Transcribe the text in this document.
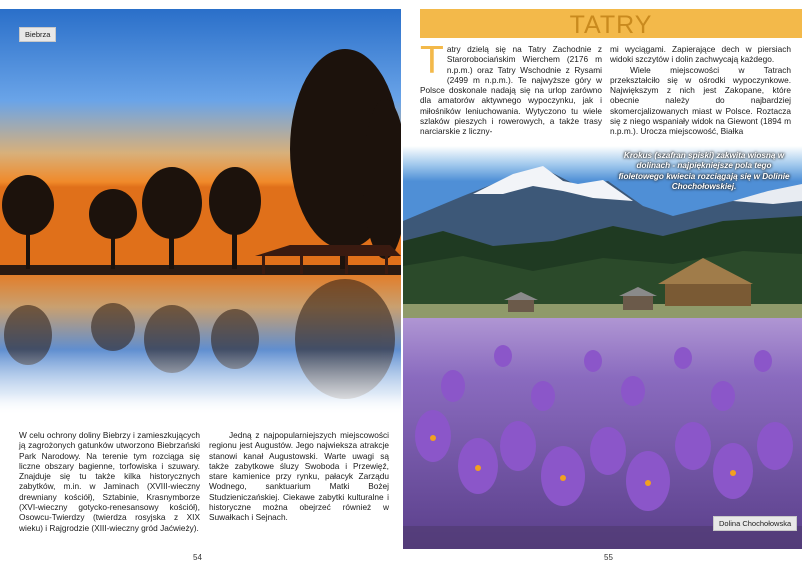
Biebrza
W celu ochrony doliny Biebrzy i zamieszkujących ją zagrożonych gatunków utworzono Biebrzański Park Narodowy. Na terenie tym rozciąga się liczne obszary bagienne, torfowiska i szuwary. Znajduje się tu także kilka historycznych zabytków, m.in. w Jaminach (XVIII-wieczny drewniany kościół), Sztabinie, Krasnymborze (XVI-wieczny gotycko-renesansowy kościół), Osowcu-Twierdzy (twierdza rosyjska z XIX wieku) i Rajgrodzie (XIII-wieczny gród Jaćwieży).
Jedną z najpopularniejszych miejscowości regionu jest Augustów. Jego najwieksza atrakcje stanowi kanał Augustowski. Warte uwagi są także zabytkowe śluzy Swoboda i Przewięź, stare kamienice przy rynku, pałacyk Zarządu Wodnego, sanktuarium Matki Bożej Studzieniczańskiej. Ciekawe zabytki kulturalne i historyczne można obejrzeć również w Suwałkach i Sejnach.
54
TATRY
Tatry dzielą się na Tatry Zachodnie z Starorobociańskim Wierchem (2176 m n.p.m.) oraz Tatry Wschodnie z Rysami (2499 m n.p.m.). Te najwyższe góry w Polsce doskonale nadają się na urlop zarówno dla amatorów aktywnego wypoczynku, jak i miłośników leniuchowania. Wytyczono tu wiele szlaków pieszych i rowerowych, a także trasy narciarskie z liczny-
mi wyciągami. Zapierające dech w piersiach widoki szczytów i dolin zachwycają każdego.
Wiele miejscowości w Tatrach przekształciło się w ośrodki wypoczynkowe. Największym z nich jest Zakopane, które obecnie należy do najbardziej skomercjalizowanych miast w Polsce. Roztacza się z niego wspaniały widok na Giewont (1894 m n.p.m.). Urocza miejscowość, Białka
Krokus (szafran spiski) zakwita wiosną w dolinach - najpiękniejsze pola tego fioletowego kwiecia rozciągają się w Dolinie Chochołowskiej.
Dolina Chochołowska
55
